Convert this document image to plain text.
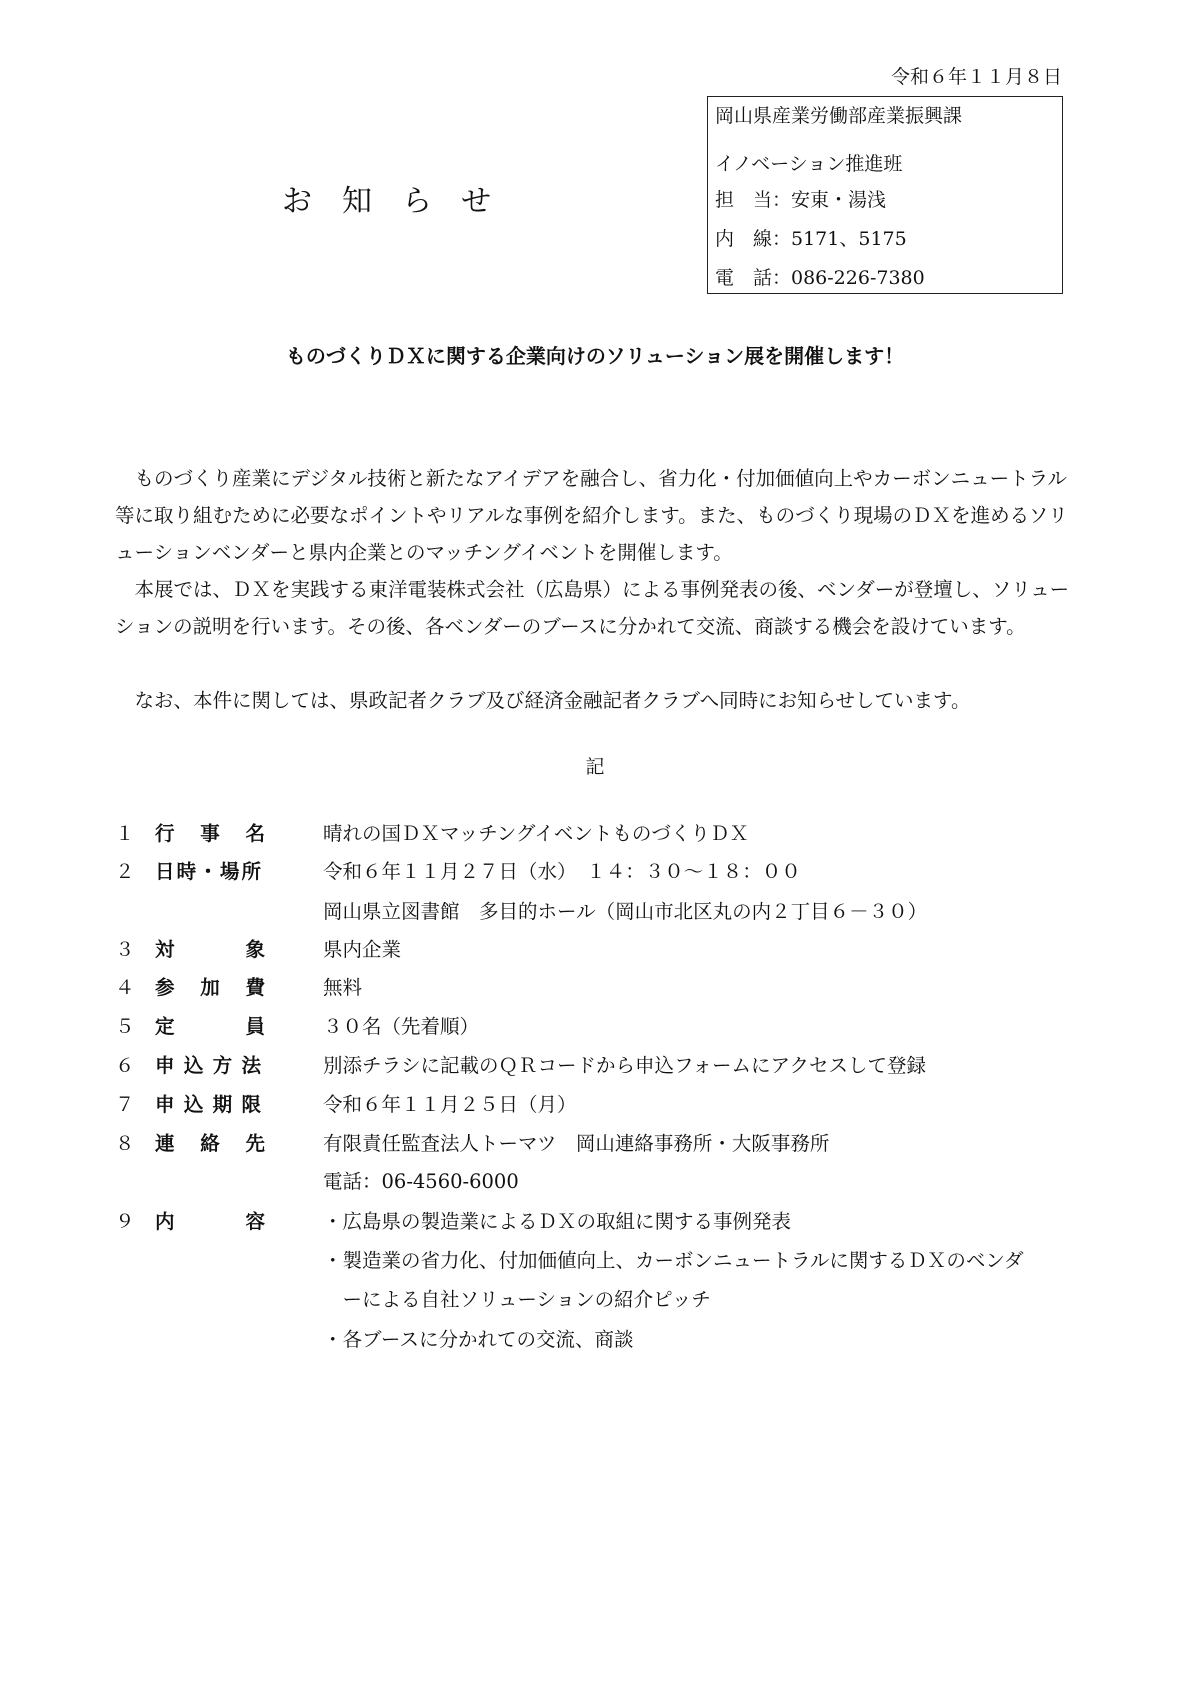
令和６年１１月８日
岡山県産業労働部産業振興課
イノベーション推進班
担　当：安東・湯浅
内　線：5171、5175
電　話：086-226-7380
お知らせ
ものづくりＤＸに関する企業向けのソリューション展を開催します！

ものづくり産業にデジタル技術と新たなアイデアを融合し、省力化・付加価値向上やカーボンニュートラル等に取り組むために必要なポイントやリアルな事例を紹介します。また、ものづくり現場のＤＸを進めるソリューションベンダーと県内企業とのマッチングイベントを開催します。

本展では、ＤＸを実践する東洋電装株式会社（広島県）による事例発表の後、ベンダーが登壇し、ソリューションの説明を行います。その後、各ベンダーのブースに分かれて交流、商談する機会を設けています。

なお、本件に関しては、県政記者クラブ及び経済金融記者クラブへ同時にお知らせしています。

記
１ 行 事 名	晴れの国ＤＸマッチングイベントものづくりＤＸ
２ 日 時 ・ 場 所	令和６年１１月２７日（水）　１４：３０～１８：００
岡山県立図書館　多目的ホール（岡山市北区丸の内２丁目６－３０）
３ 対	象	県内企業
４ 参 加 費	無料
５ 定	員	３０名（先着順）
６ 申 込 方 法	別添チラシに記載のＱＲコードから申込フォームにアクセスして登録
７ 申 込 期 限	令和６年１１月２５日（月）
８ 連 絡 先	有限責任監査法人トーマツ　岡山連絡事務所・大阪事務所
電話：06-4560-6000
９ 内	容	・広島県の製造業によるＤＸの取組に関する事例発表
・製造業の省力化、付加価値向上、カーボンニュートラルに関するＤＸのベンダ
　ーによる自社ソリューションの紹介ピッチ
・各ブースに分かれての交流、商談
